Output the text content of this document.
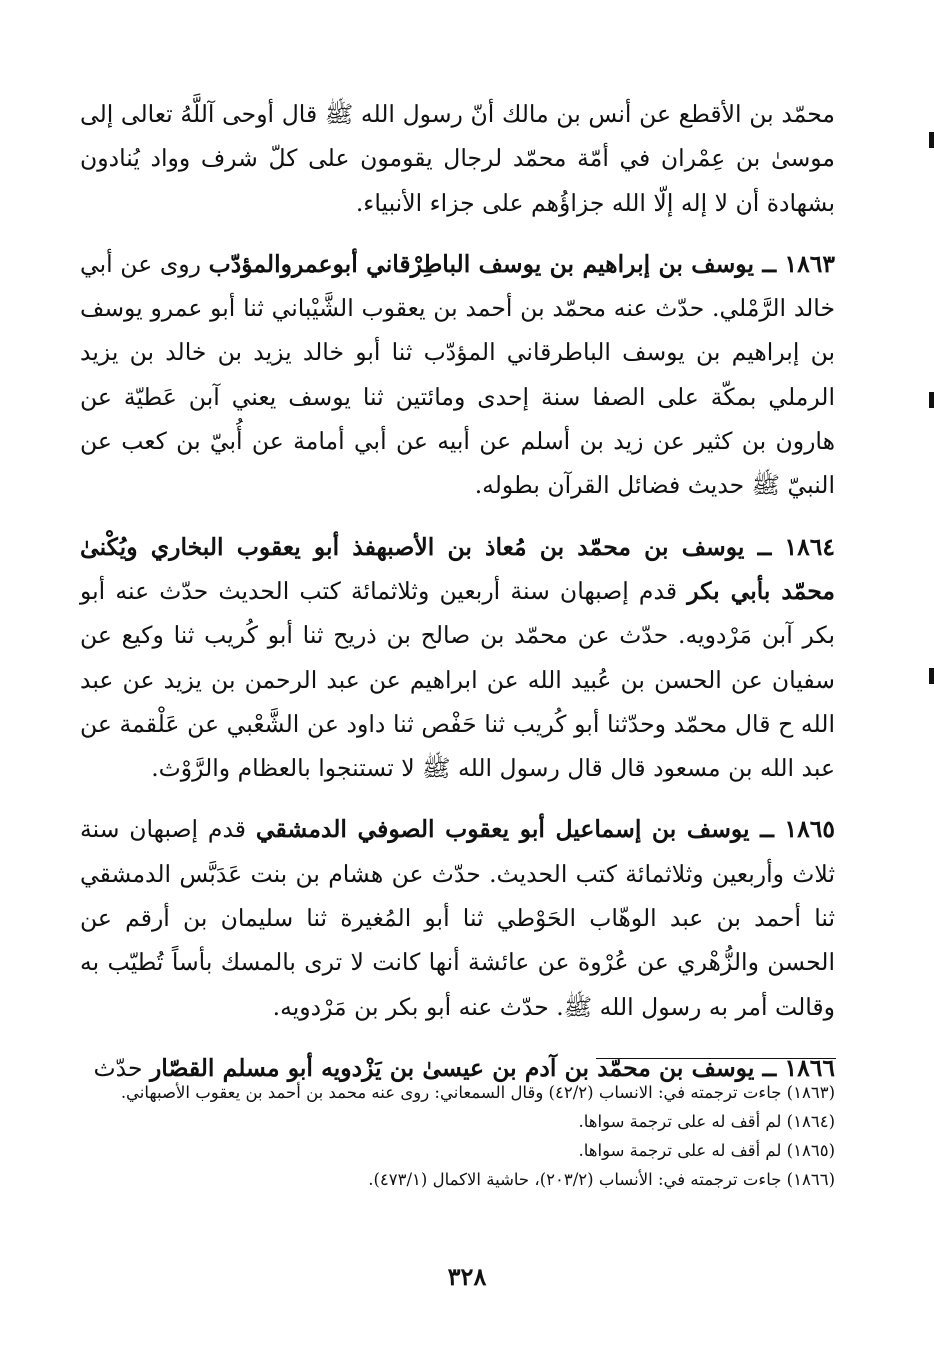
محمّد بن الأقطع عن أنس بن مالك أنّ رسول الله ﷺ قال أوحى آللَّهُ تعالى إلى موسىٰ بن عِمْران في أمّة محمّد لرجال يقومون على كلّ شرف وواد يُنادون بشهادة أن لا إله إلّا الله جزاؤُهم على جزاء الأنبياء.

١٨٦٣ ــ يوسف بن إبراهيم بن يوسف الباطِرْقاني أبوعمروالمؤدّب روى عن أبي خالد الرَّمْلي. حدّث عنه محمّد بن أحمد بن يعقوب الشَّيْباني ثنا أبو عمرو يوسف بن إبراهيم بن يوسف الباطرقاني المؤدّب ثنا أبو خالد يزيد بن خالد بن يزيد الرملي بمكّة على الصفا سنة إحدى ومائتين ثنا يوسف يعني آبن عَطيّة عن هارون بن كثير عن زيد بن أسلم عن أبيه عن أبي أمامة عن أُبيّ بن كعب عن النبيّ ﷺ حديث فضائل القرآن بطوله.

١٨٦٤ ــ يوسف بن محمّد بن مُعاذ بن الأصبهفذ أبو يعقوب البخاري ويُكْنىٰ محمّد بأبي بكر قدم إصبهان سنة أربعين وثلاثمائة كتب الحديث حدّث عنه أبو بكر آبن مَرْدويه. حدّث عن محمّد بن صالح بن ذريح ثنا أبو كُريب ثنا وكيع عن سفيان عن الحسن بن عُبيد الله عن ابراهيم عن عبد الرحمن بن يزيد عن عبد الله ح قال محمّد وحدّثنا أبو كُريب ثنا حَفْص ثنا داود عن الشَّعْبي عن عَلْقمة عن عبد الله بن مسعود قال قال رسول الله ﷺ لا تستنجوا بالعظام والرَّوْث.

١٨٦٥ ــ يوسف بن إسماعيل أبو يعقوب الصوفي الدمشقي قدم إصبهان سنة ثلاث وأربعين وثلاثمائة كتب الحديث. حدّث عن هشام بن بنت عَدَبَّس الدمشقي ثنا أحمد بن عبد الوهّاب الحَوْطي ثنا أبو المُغيرة ثنا سليمان بن أرقم عن الحسن والزُّهْري عن عُرْوة عن عائشة أنها كانت لا ترى بالمسك بأساً تُطيّب به وقالت أمر به رسول الله ﷺ. حدّث عنه أبو بكر بن مَرْدويه.

١٨٦٦ ــ يوسف بن محمّد بن آدم بن عيسىٰ بن يَزْدويه أبو مسلم القصّار حدّث

(١٨٦٣) جاءت ترجمته في: الانساب (٤٢/٢) وقال السمعاني: روى عنه محمد بن أحمد بن يعقوب الأصبهاني.

(١٨٦٤) لم أقف له على ترجمة سواها.

(١٨٦٥) لم أقف له على ترجمة سواها.

(١٨٦٦) جاءت ترجمته في: الأنساب (٢٠٣/٢)، حاشية الاكمال (٤٧٣/١).

٣٢٨
